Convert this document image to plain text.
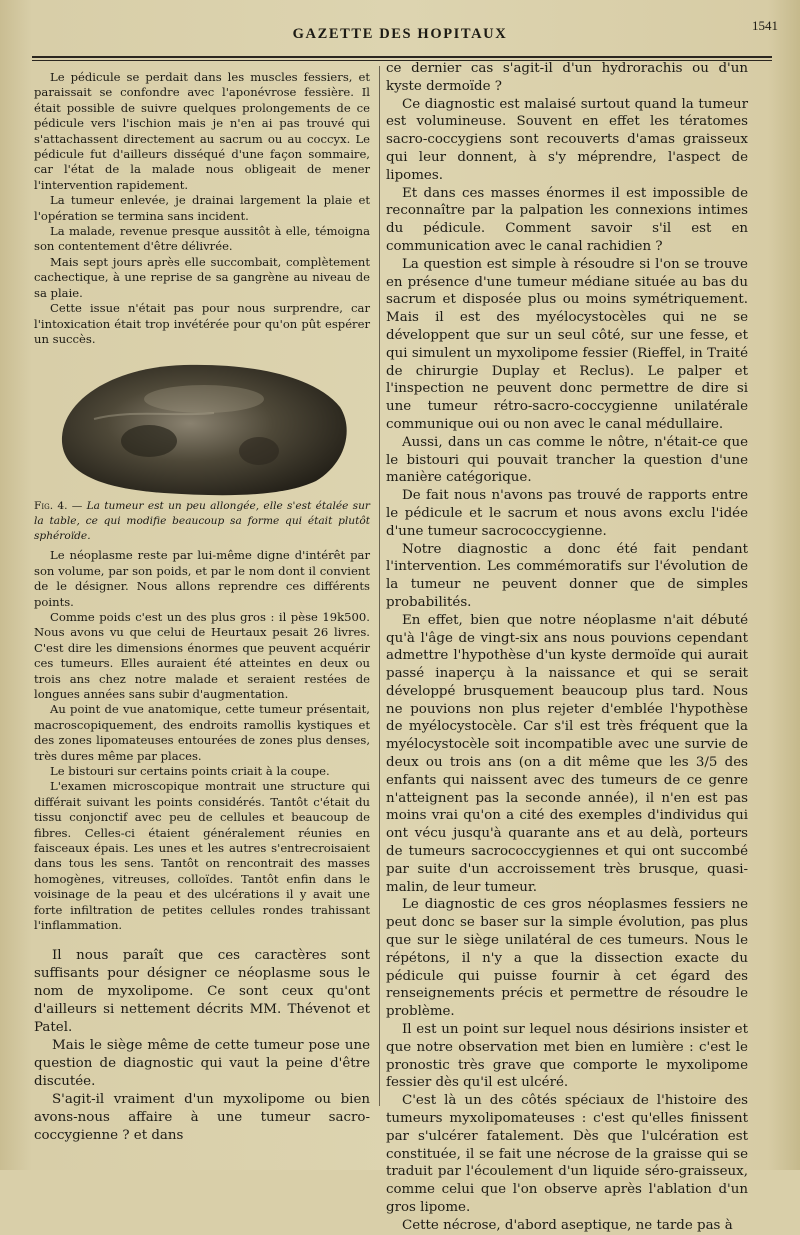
GAZETTE DES HOPITAUX
1541

Le pédicule se perdait dans les muscles fessiers, et paraissait se confondre avec l'aponévrose fessière. Il était possible de suivre quelques prolongements de ce pédicule vers l'ischion mais je n'en ai pas trouvé qui s'attachassent directement au sacrum ou au coccyx. Le pédicule fut d'ailleurs disséqué d'une façon sommaire, car l'état de la malade nous obligeait de mener l'intervention rapidement.

La tumeur enlevée, je drainai largement la plaie et l'opération se termina sans incident.

La malade, revenue presque aussitôt à elle, témoigna son contentement d'être délivrée.

Mais sept jours après elle succombait, complètement cachectique, à une reprise de sa gangrène au niveau de sa plaie.

Cette issue n'était pas pour nous surprendre, car l'intoxication était trop invétérée pour qu'on pût espérer un succès.

Fig. 4. — La tumeur est un peu allongée, elle s'est étalée sur la table, ce qui modifie beaucoup sa forme qui était plutôt sphéroïde.

Le néoplasme reste par lui-même digne d'intérêt par son volume, par son poids, et par le nom dont il convient de le désigner. Nous allons reprendre ces différents points.

Comme poids c'est un des plus gros : il pèse 19k500. Nous avons vu que celui de Heurtaux pesait 26 livres. C'est dire les dimensions énormes que peuvent acquérir ces tumeurs. Elles auraient été atteintes en deux ou trois ans chez notre malade et seraient restées de longues années sans subir d'augmentation.

Au point de vue anatomique, cette tumeur présentait, macroscopiquement, des endroits ramollis kystiques et des zones lipomateuses entourées de zones plus denses, très dures même par places.

Le bistouri sur certains points criait à la coupe.

L'examen microscopique montrait une structure qui différait suivant les points considérés. Tantôt c'était du tissu conjonctif avec peu de cellules et beaucoup de fibres. Celles-ci étaient généralement réunies en faisceaux épais. Les unes et les autres s'entrecroisaient dans tous les sens. Tantôt on rencontrait des masses homogènes, vitreuses, colloïdes. Tantôt enfin dans le voisinage de la peau et des ulcérations il y avait une forte infiltration de petites cellules rondes trahissant l'inflammation.

Il nous paraît que ces caractères sont suffisants pour désigner ce néoplasme sous le nom de myxolipome. Ce sont ceux qu'ont d'ailleurs si nettement décrits MM. Thévenot et Patel.

Mais le siège même de cette tumeur pose une question de diagnostic qui vaut la peine d'être discutée.

S'agit-il vraiment d'un myxolipome ou bien avons-nous affaire à une tumeur sacro-coccygienne ? et dans

ce dernier cas s'agit-il d'un hydrorachis ou d'un kyste dermoïde ?

Ce diagnostic est malaisé surtout quand la tumeur est volumineuse. Souvent en effet les tératomes sacro-coccygiens sont recouverts d'amas graisseux qui leur donnent, à s'y méprendre, l'aspect de lipomes.

Et dans ces masses énormes il est impossible de reconnaître par la palpation les connexions intimes du pédicule. Comment savoir s'il est en communication avec le canal rachidien ?

La question est simple à résoudre si l'on se trouve en présence d'une tumeur médiane située au bas du sacrum et disposée plus ou moins symétriquement. Mais il est des myélocystocèles qui ne se développent que sur un seul côté, sur une fesse, et qui simulent un myxolipome fessier (Rieffel, in Traité de chirurgie Duplay et Reclus). Le palper et l'inspection ne peuvent donc permettre de dire si une tumeur rétro-sacro-coccygienne unilatérale communique oui ou non avec le canal médullaire.

Aussi, dans un cas comme le nôtre, n'était-ce que le bistouri qui pouvait trancher la question d'une manière catégorique.

De fait nous n'avons pas trouvé de rapports entre le pédicule et le sacrum et nous avons exclu l'idée d'une tumeur sacrococcygienne.

Notre diagnostic a donc été fait pendant l'intervention. Les commémoratifs sur l'évolution de la tumeur ne peuvent donner que de simples probabilités.

En effet, bien que notre néoplasme n'ait débuté qu'à l'âge de vingt-six ans nous pouvions cependant admettre l'hypothèse d'un kyste dermoïde qui aurait passé inaperçu à la naissance et qui se serait développé brusquement beaucoup plus tard. Nous ne pouvions non plus rejeter d'emblée l'hypothèse de myélocystocèle. Car s'il est très fréquent que la myélocystocèle soit incompatible avec une survie de deux ou trois ans (on a dit même que les 3/5 des enfants qui naissent avec des tumeurs de ce genre n'atteignent pas la seconde année), il n'en est pas moins vrai qu'on a cité des exemples d'individus qui ont vécu jusqu'à quarante ans et au delà, porteurs de tumeurs sacrococcygiennes et qui ont succombé par suite d'un accroissement très brusque, quasi-malin, de leur tumeur.

Le diagnostic de ces gros néoplasmes fessiers ne peut donc se baser sur la simple évolution, pas plus que sur le siège unilatéral de ces tumeurs. Nous le répétons, il n'y a que la dissection exacte du pédicule qui puisse fournir à cet égard des renseignements précis et permettre de résoudre le problème.

Il est un point sur lequel nous désirions insister et que notre observation met bien en lumière : c'est le pronostic très grave que comporte le myxolipome fessier dès qu'il est ulcéré.

C'est là un des côtés spéciaux de l'histoire des tumeurs myxolipomateuses : c'est qu'elles finissent par s'ulcérer fatalement. Dès que l'ulcération est constituée, il se fait une nécrose de la graisse qui se traduit par l'écoulement d'un liquide séro-graisseux, comme celui que l'on observe après l'ablation d'un gros lipome.

Cette nécrose, d'abord aseptique, ne tarde pas à
